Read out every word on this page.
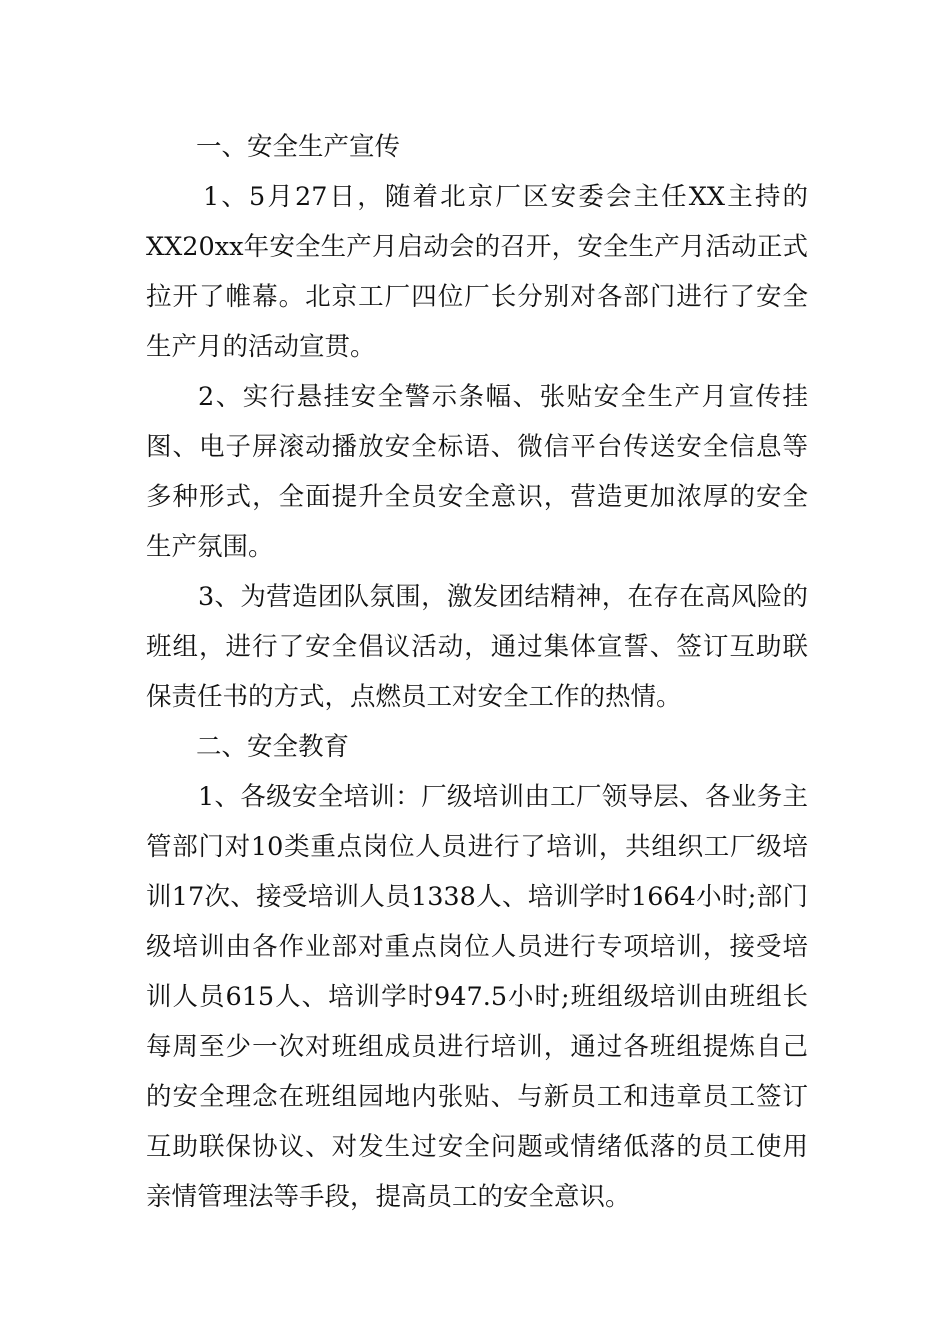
一、安全生产宣传

1、5月27日，随着北京厂区安委会主任XX主持的XX20xx年安全生产月启动会的召开，安全生产月活动正式拉开了帷幕。北京工厂四位厂长分别对各部门进行了安全生产月的活动宣贯。

2、实行悬挂安全警示条幅、张贴安全生产月宣传挂图、电子屏滚动播放安全标语、微信平台传送安全信息等多种形式，全面提升全员安全意识，营造更加浓厚的安全生产氛围。

3、为营造团队氛围，激发团结精神，在存在高风险的班组，进行了安全倡议活动，通过集体宣誓、签订互助联保责任书的方式，点燃员工对安全工作的热情。

二、安全教育

1、各级安全培训：厂级培训由工厂领导层、各业务主管部门对10类重点岗位人员进行了培训，共组织工厂级培训17次、接受培训人员1338人、培训学时1664小时;部门级培训由各作业部对重点岗位人员进行专项培训，接受培训人员615人、培训学时947.5小时;班组级培训由班组长每周至少一次对班组成员进行培训，通过各班组提炼自己的安全理念在班组园地内张贴、与新员工和违章员工签订互助联保协议、对发生过安全问题或情绪低落的员工使用亲情管理法等手段，提高员工的安全意识。
